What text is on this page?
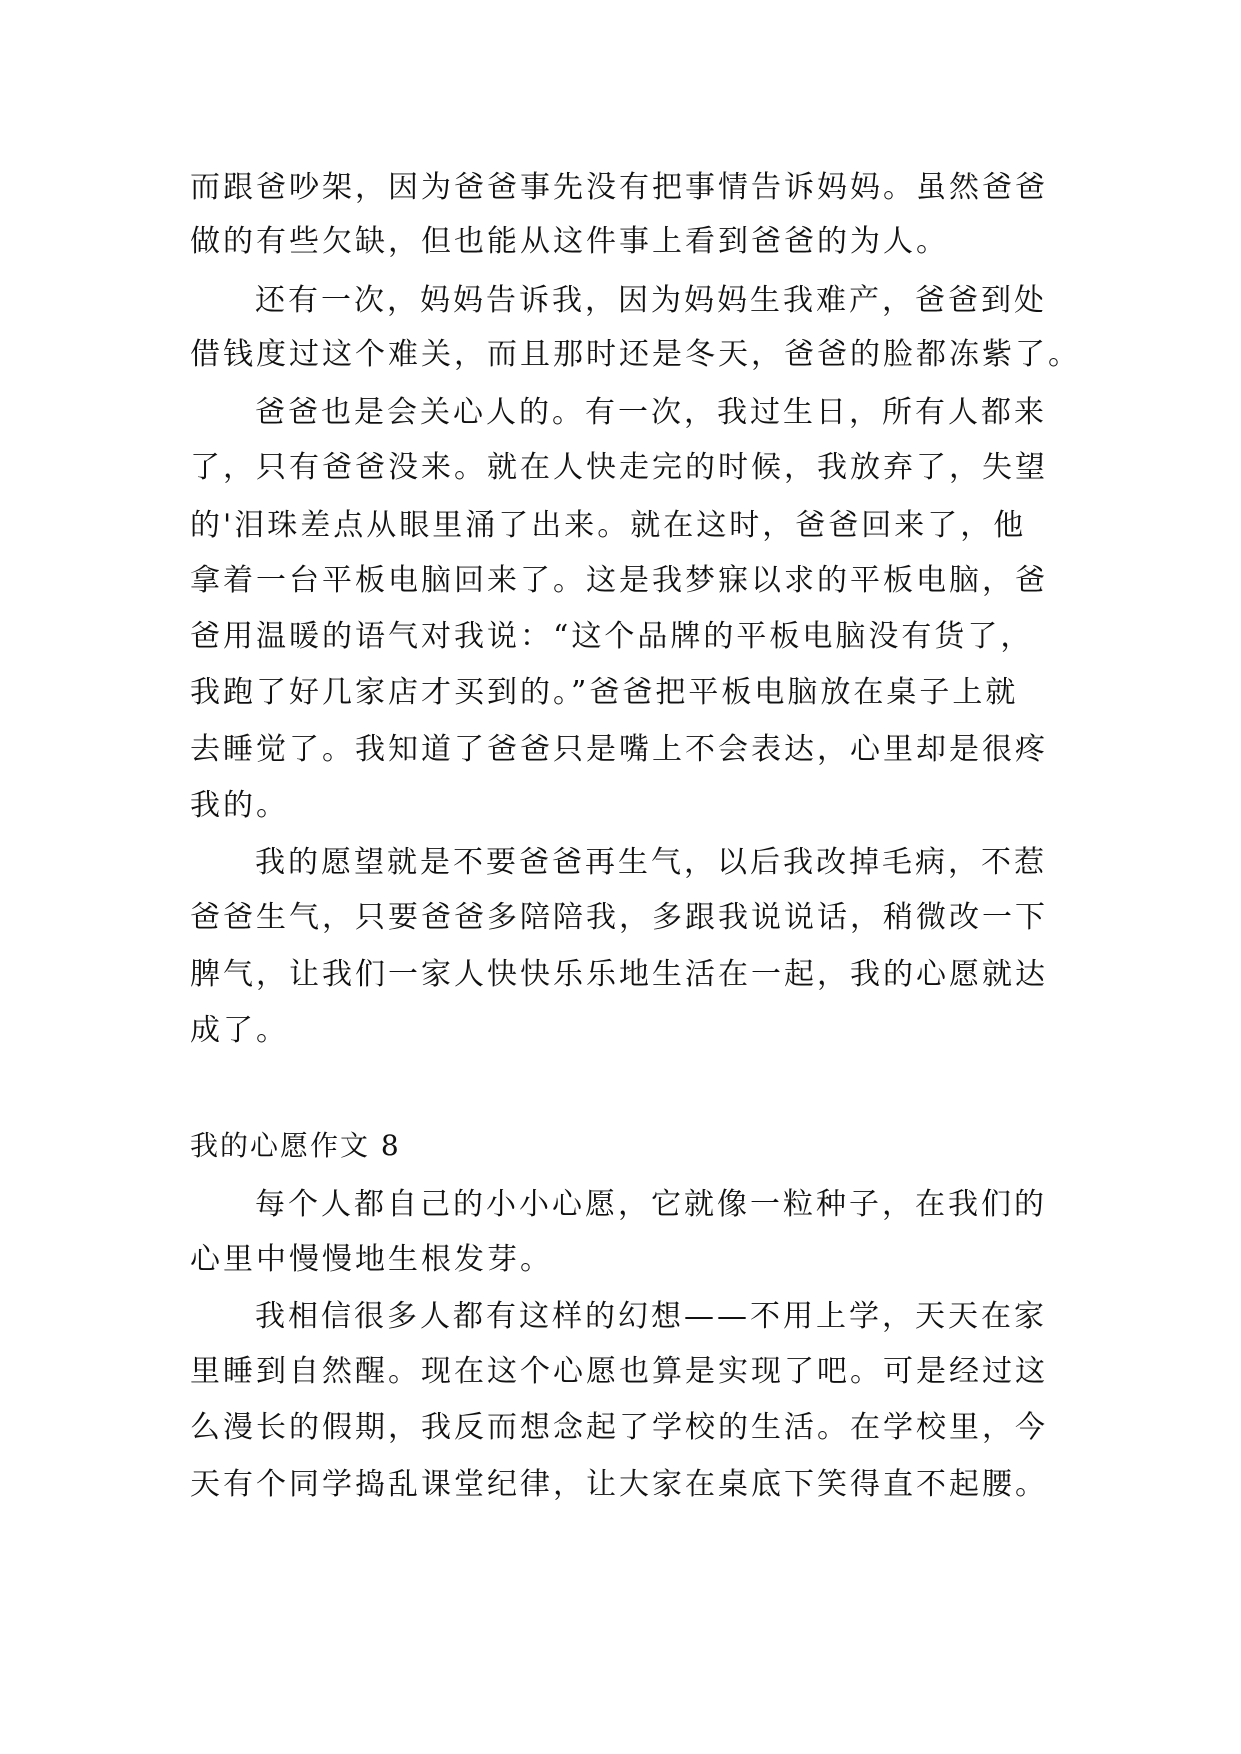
而跟爸吵架，因为爸爸事先没有把事情告诉妈妈。虽然爸爸
做的有些欠缺，但也能从这件事上看到爸爸的为人。
还有一次，妈妈告诉我，因为妈妈生我难产，爸爸到处
借钱度过这个难关，而且那时还是冬天，爸爸的脸都冻紫了。
爸爸也是会关心人的。有一次，我过生日，所有人都来
了，只有爸爸没来。就在人快走完的时候，我放弃了，失望
的'泪珠差点从眼里涌了出来。就在这时，爸爸回来了，他
拿着一台平板电脑回来了。这是我梦寐以求的平板电脑，爸
爸用温暖的语气对我说：“这个品牌的平板电脑没有货了，
我跑了好几家店才买到的。”爸爸把平板电脑放在桌子上就
去睡觉了。我知道了爸爸只是嘴上不会表达，心里却是很疼
我的。
我的愿望就是不要爸爸再生气，以后我改掉毛病，不惹
爸爸生气，只要爸爸多陪陪我，多跟我说说话，稍微改一下
脾气，让我们一家人快快乐乐地生活在一起，我的心愿就达
成了。
我的心愿作文 8
每个人都自己的小小心愿，它就像一粒种子，在我们的
心里中慢慢地生根发芽。
我相信很多人都有这样的幻想——不用上学，天天在家
里睡到自然醒。现在这个心愿也算是实现了吧。可是经过这
么漫长的假期，我反而想念起了学校的生活。在学校里，今
天有个同学捣乱课堂纪律，让大家在桌底下笑得直不起腰。
